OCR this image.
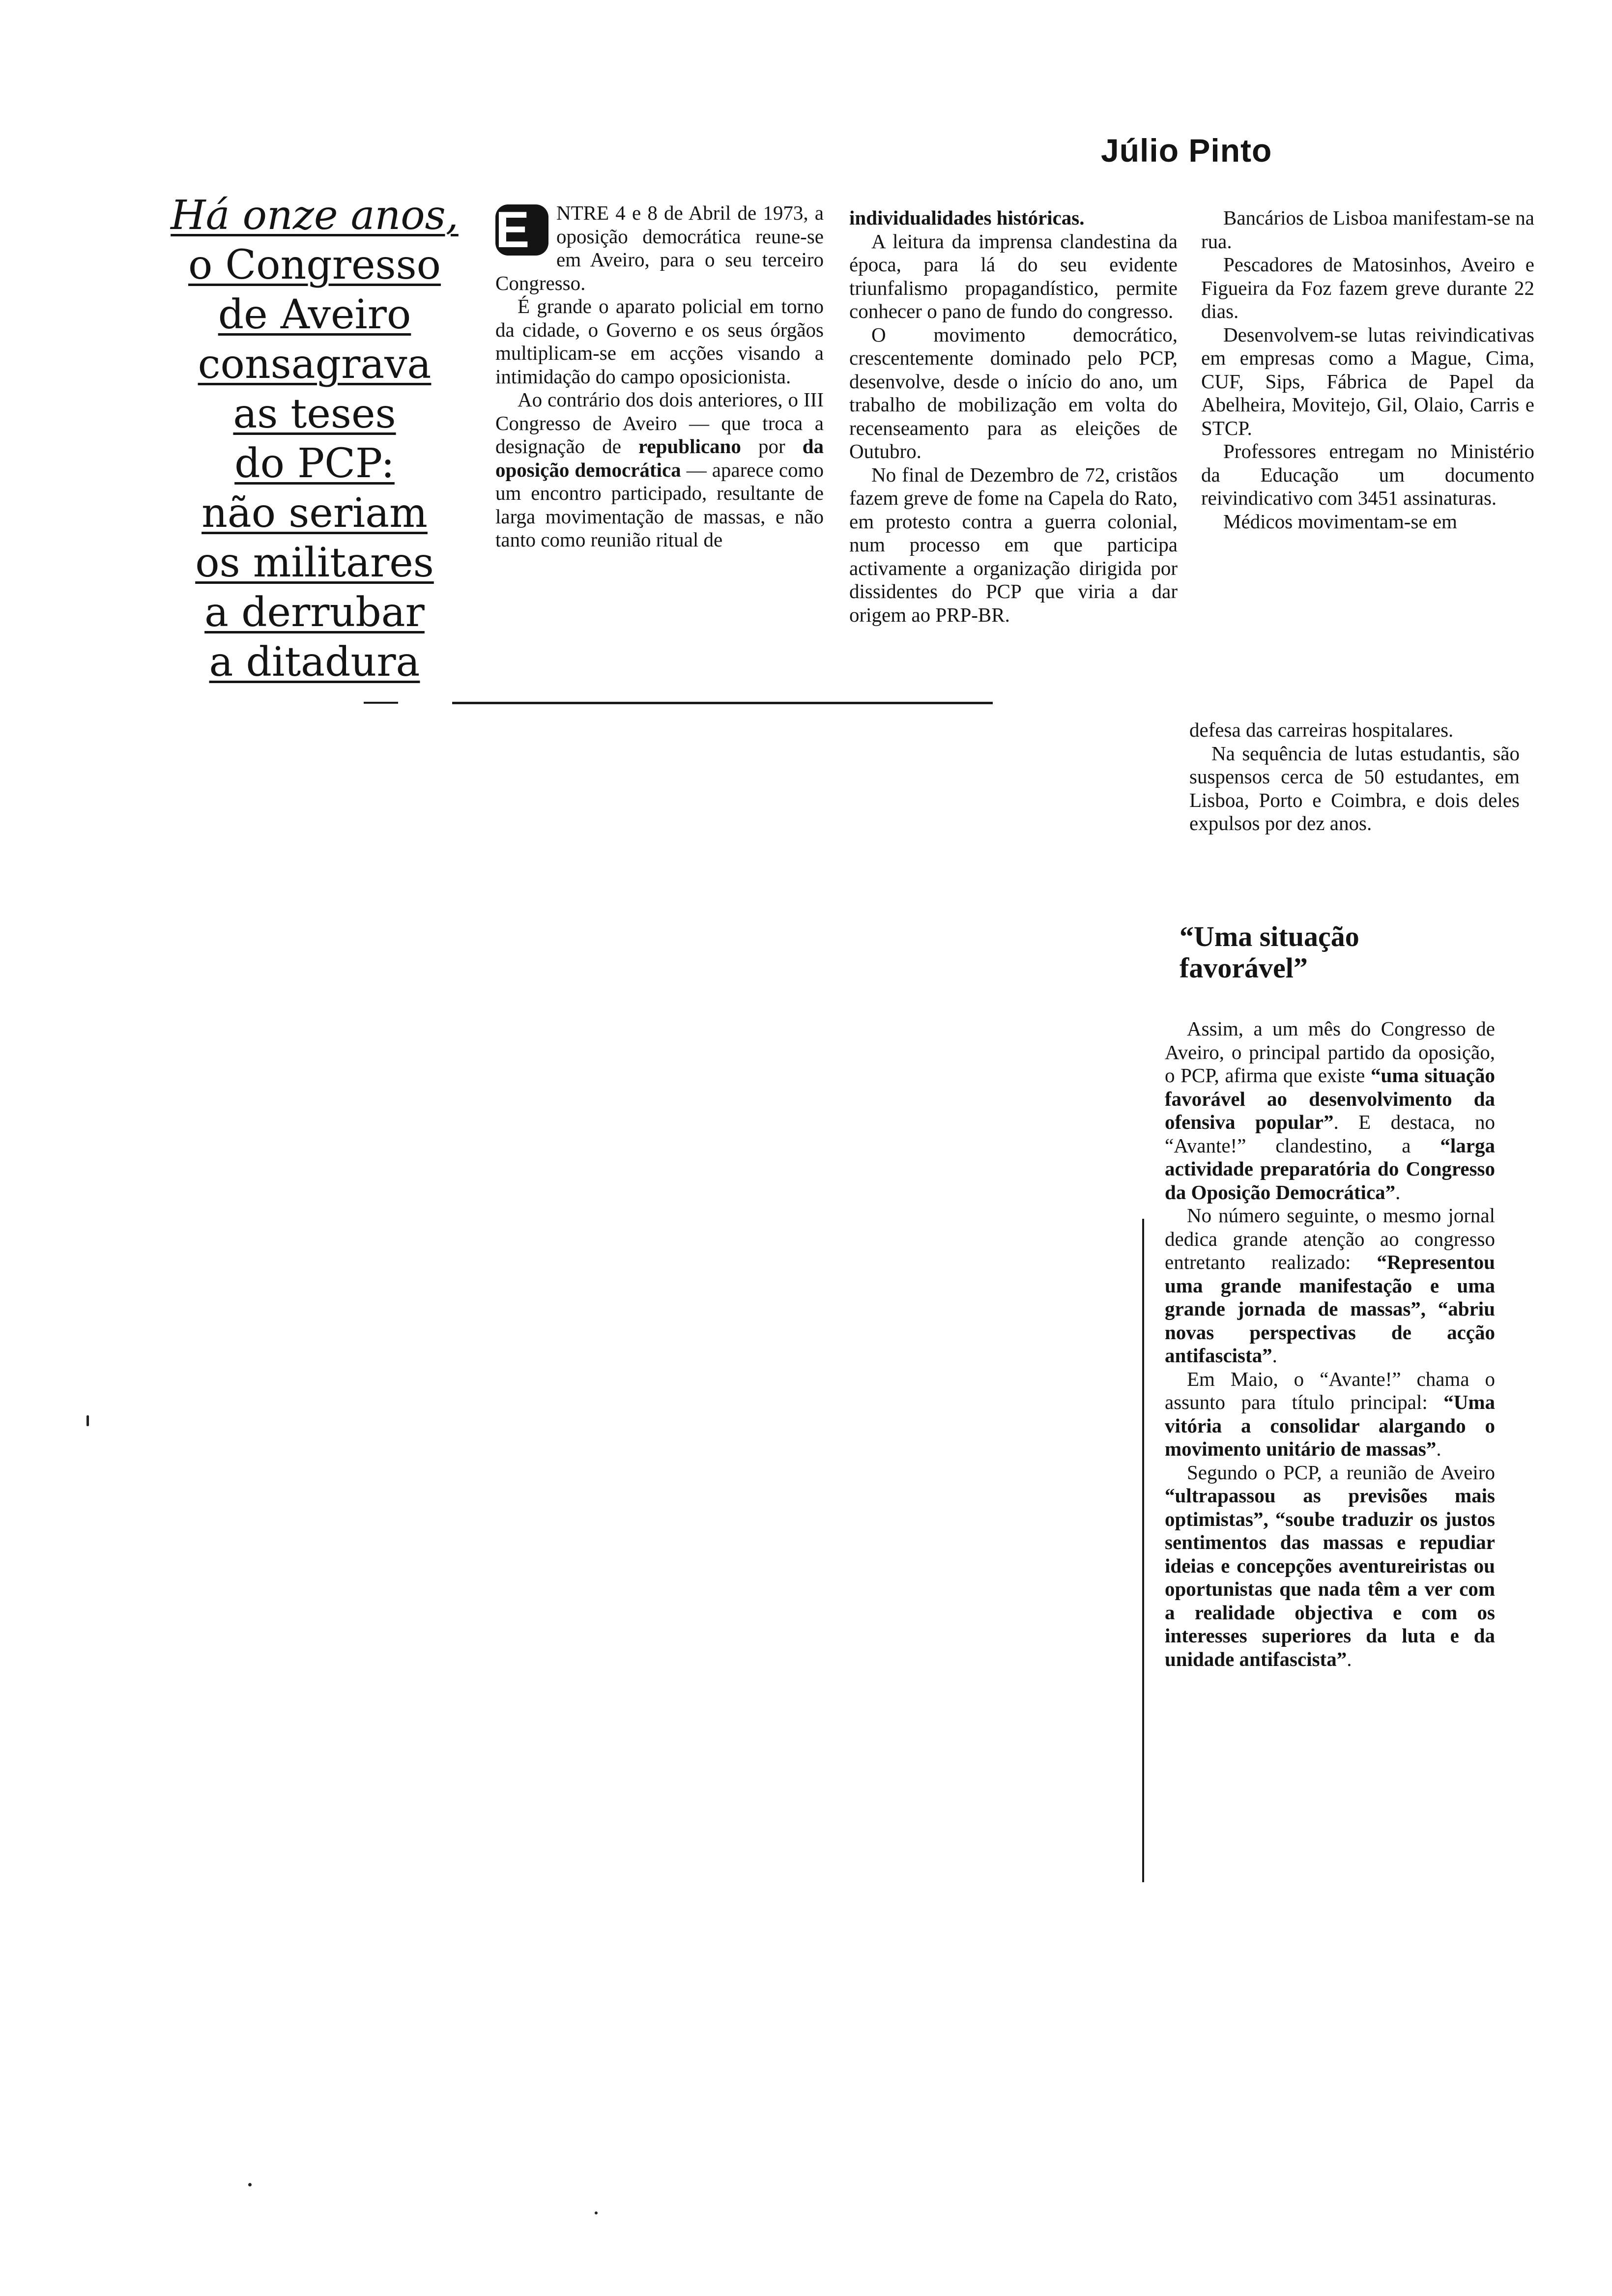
Júlio Pinto
Há onze anos,
o Congresso
de Aveiro
consagrava
as teses
do PCP:
não seriam
os militares
a derrubar
a ditadura

E	NTRE 4 e 8 de Abril de 1973, a oposição democrática reune-se em Aveiro, para o seu terceiro Congresso.

É grande o aparato policial em torno da cidade, o Governo e os seus órgãos multiplicam-se em acções visando a intimidação do campo oposicionista.

Ao contrário dos dois anteriores, o III Congresso de Aveiro — que troca a designação de republicano por da oposição democrática — aparece como um encontro participado, resultante de larga movimentação de massas, e não tanto como reunião ritual de

individualidades históricas.

A leitura da imprensa clandestina da época, para lá do seu evidente triunfalismo propagandístico, permite conhecer o pano de fundo do congresso.

O movimento democrático, crescentemente dominado pelo PCP, desenvolve, desde o início do ano, um trabalho de mobilização em volta do recenseamento para as eleições de Outubro.

No final de Dezembro de 72, cristãos fazem greve de fome na Capela do Rato, em protesto contra a guerra colonial, num processo em que participa activamente a organização dirigida por dissidentes do PCP que viria a dar origem ao PRP-BR.

Bancários de Lisboa manifestam-se na rua.

Pescadores de Matosinhos, Aveiro e Figueira da Foz fazem greve durante 22 dias.

Desenvolvem-se lutas reivindicativas em empresas como a Mague, Cima, CUF, Sips, Fábrica de Papel da Abelheira, Movitejo, Gil, Olaio, Carris e STCP.

Professores entregam no Ministério da Educação um documento reivindicativo com 3451 assinaturas.

Médicos movimentam-se em

defesa das carreiras hospitalares.

Na sequência de lutas estudantis, são suspensos cerca de 50 estudantes, em Lisboa, Porto e Coimbra, e dois deles expulsos por dez anos.

“Uma situação favorável”

Assim, a um mês do Congresso de Aveiro, o principal partido da oposição, o PCP, afirma que existe “uma situação favorável ao desenvolvimento da ofensiva popular”. E destaca, no “Avante!” clandestino, a “larga actividade preparatória do Congresso da Oposição Democrática”.

No número seguinte, o mesmo jornal dedica grande atenção ao congresso entretanto realizado: “Representou uma grande manifestação e uma grande jornada de massas”, “abriu novas perspectivas de acção antifascista”.

Em Maio, o “Avante!” chama o assunto para título principal: “Uma vitória a consolidar alargando o movimento unitário de massas”.

Segundo o PCP, a reunião de Aveiro “ultrapassou as previsões mais optimistas”, “soube traduzir os justos sentimentos das massas e repudiar ideias e concepções aventureiristas ou oportunistas que nada têm a ver com a realidade objectiva e com os interesses superiores da luta e da unidade antifascista”.
